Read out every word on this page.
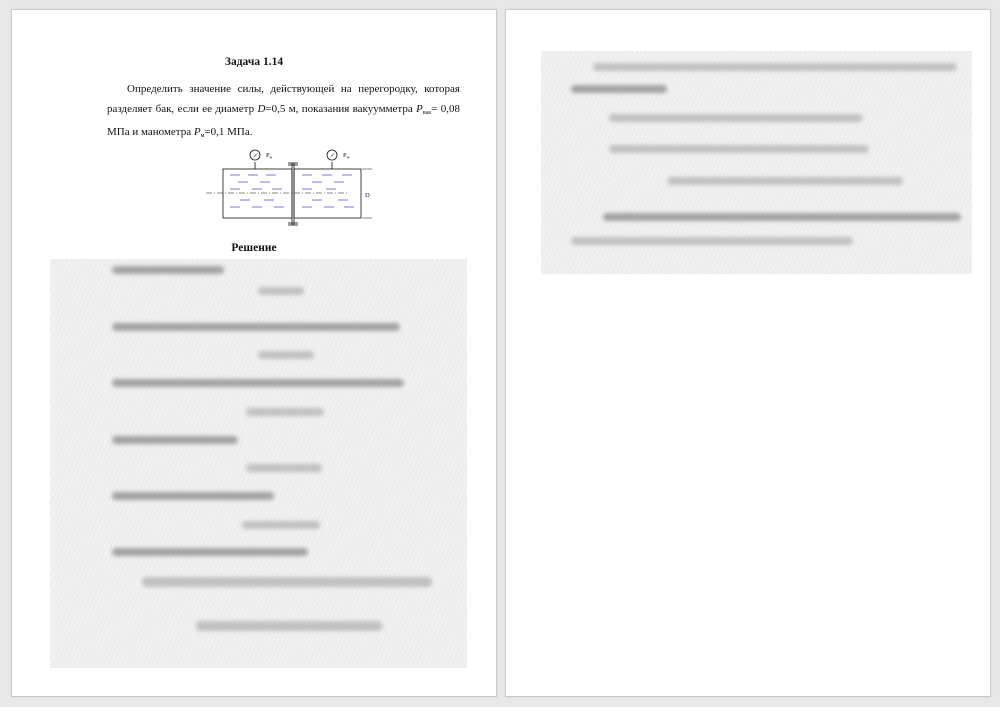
Задача 1.14
Определить значение силы, действующей на перегородку, которая разделяет бак, если ее диаметр D=0,5 м, показания вакуумметра $P_{вак}= 0,08$ МПа и манометра $P_м=0,1$ МПа.
$P_в$	$P_м$
D
Решение
